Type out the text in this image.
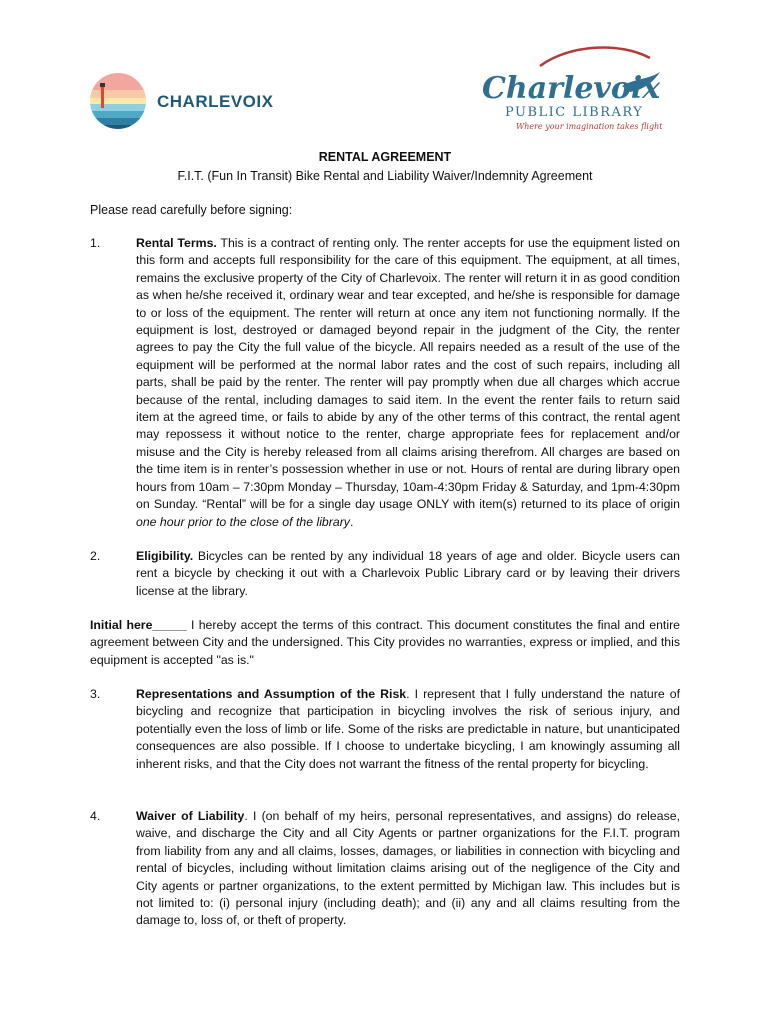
CHARLEVOIX	Charlevoix
PUBLIC LIBRARY
Where your imagination takes flight
RENTAL AGREEMENT
F.I.T. (Fun In Transit) Bike Rental and Liability Waiver/Indemnity Agreement
Please read carefully before signing:
1.	Rental Terms. This is a contract of renting only. The renter accepts for use the equipment listed on this form and accepts full responsibility for the care of this equipment. The equipment, at all times, remains the exclusive property of the City of Charlevoix. The renter will return it in as good condition as when he/she received it, ordinary wear and tear excepted, and he/she is responsible for damage to or loss of the equipment. The renter will return at once any item not functioning normally. If the equipment is lost, destroyed or damaged beyond repair in the judgment of the City, the renter agrees to pay the City the full value of the bicycle. All repairs needed as a result of the use of the equipment will be performed at the normal labor rates and the cost of such repairs, including all parts, shall be paid by the renter. The renter will pay promptly when due all charges which accrue because of the rental, including damages to said item. In the event the renter fails to return said item at the agreed time, or fails to abide by any of the other terms of this contract, the rental agent may repossess it without notice to the renter, charge appropriate fees for replacement and/or misuse and the City is hereby released from all claims arising therefrom. All charges are based on the time item is in renter’s possession whether in use or not. Hours of rental are during library open hours from 10am – 7:30pm Monday – Thursday, 10am-4:30pm Friday & Saturday, and 1pm-4:30pm on Sunday. “Rental” will be for a single day usage ONLY with item(s) returned to its place of origin one hour prior to the close of the library.
2.	Eligibility. Bicycles can be rented by any individual 18 years of age and older. Bicycle users can rent a bicycle by checking it out with a Charlevoix Public Library card or by leaving their drivers license at the library.
Initial here_____ I hereby accept the terms of this contract. This document constitutes the final and entire agreement between City and the undersigned. This City provides no warranties, express or implied, and this equipment is accepted "as is."
3.	Representations and Assumption of the Risk. I represent that I fully understand the nature of bicycling and recognize that participation in bicycling involves the risk of serious injury, and potentially even the loss of limb or life. Some of the risks are predictable in nature, but unanticipated consequences are also possible. If I choose to undertake bicycling, I am knowingly assuming all inherent risks, and that the City does not warrant the fitness of the rental property for bicycling.
4.	Waiver of Liability. I (on behalf of my heirs, personal representatives, and assigns) do release, waive, and discharge the City and all City Agents or partner organizations for the F.I.T. program from liability from any and all claims, losses, damages, or liabilities in connection with bicycling and rental of bicycles, including without limitation claims arising out of the negligence of the City and City agents or partner organizations, to the extent permitted by Michigan law. This includes but is not limited to: (i) personal injury (including death); and (ii) any and all claims resulting from the damage to, loss of, or theft of property.
